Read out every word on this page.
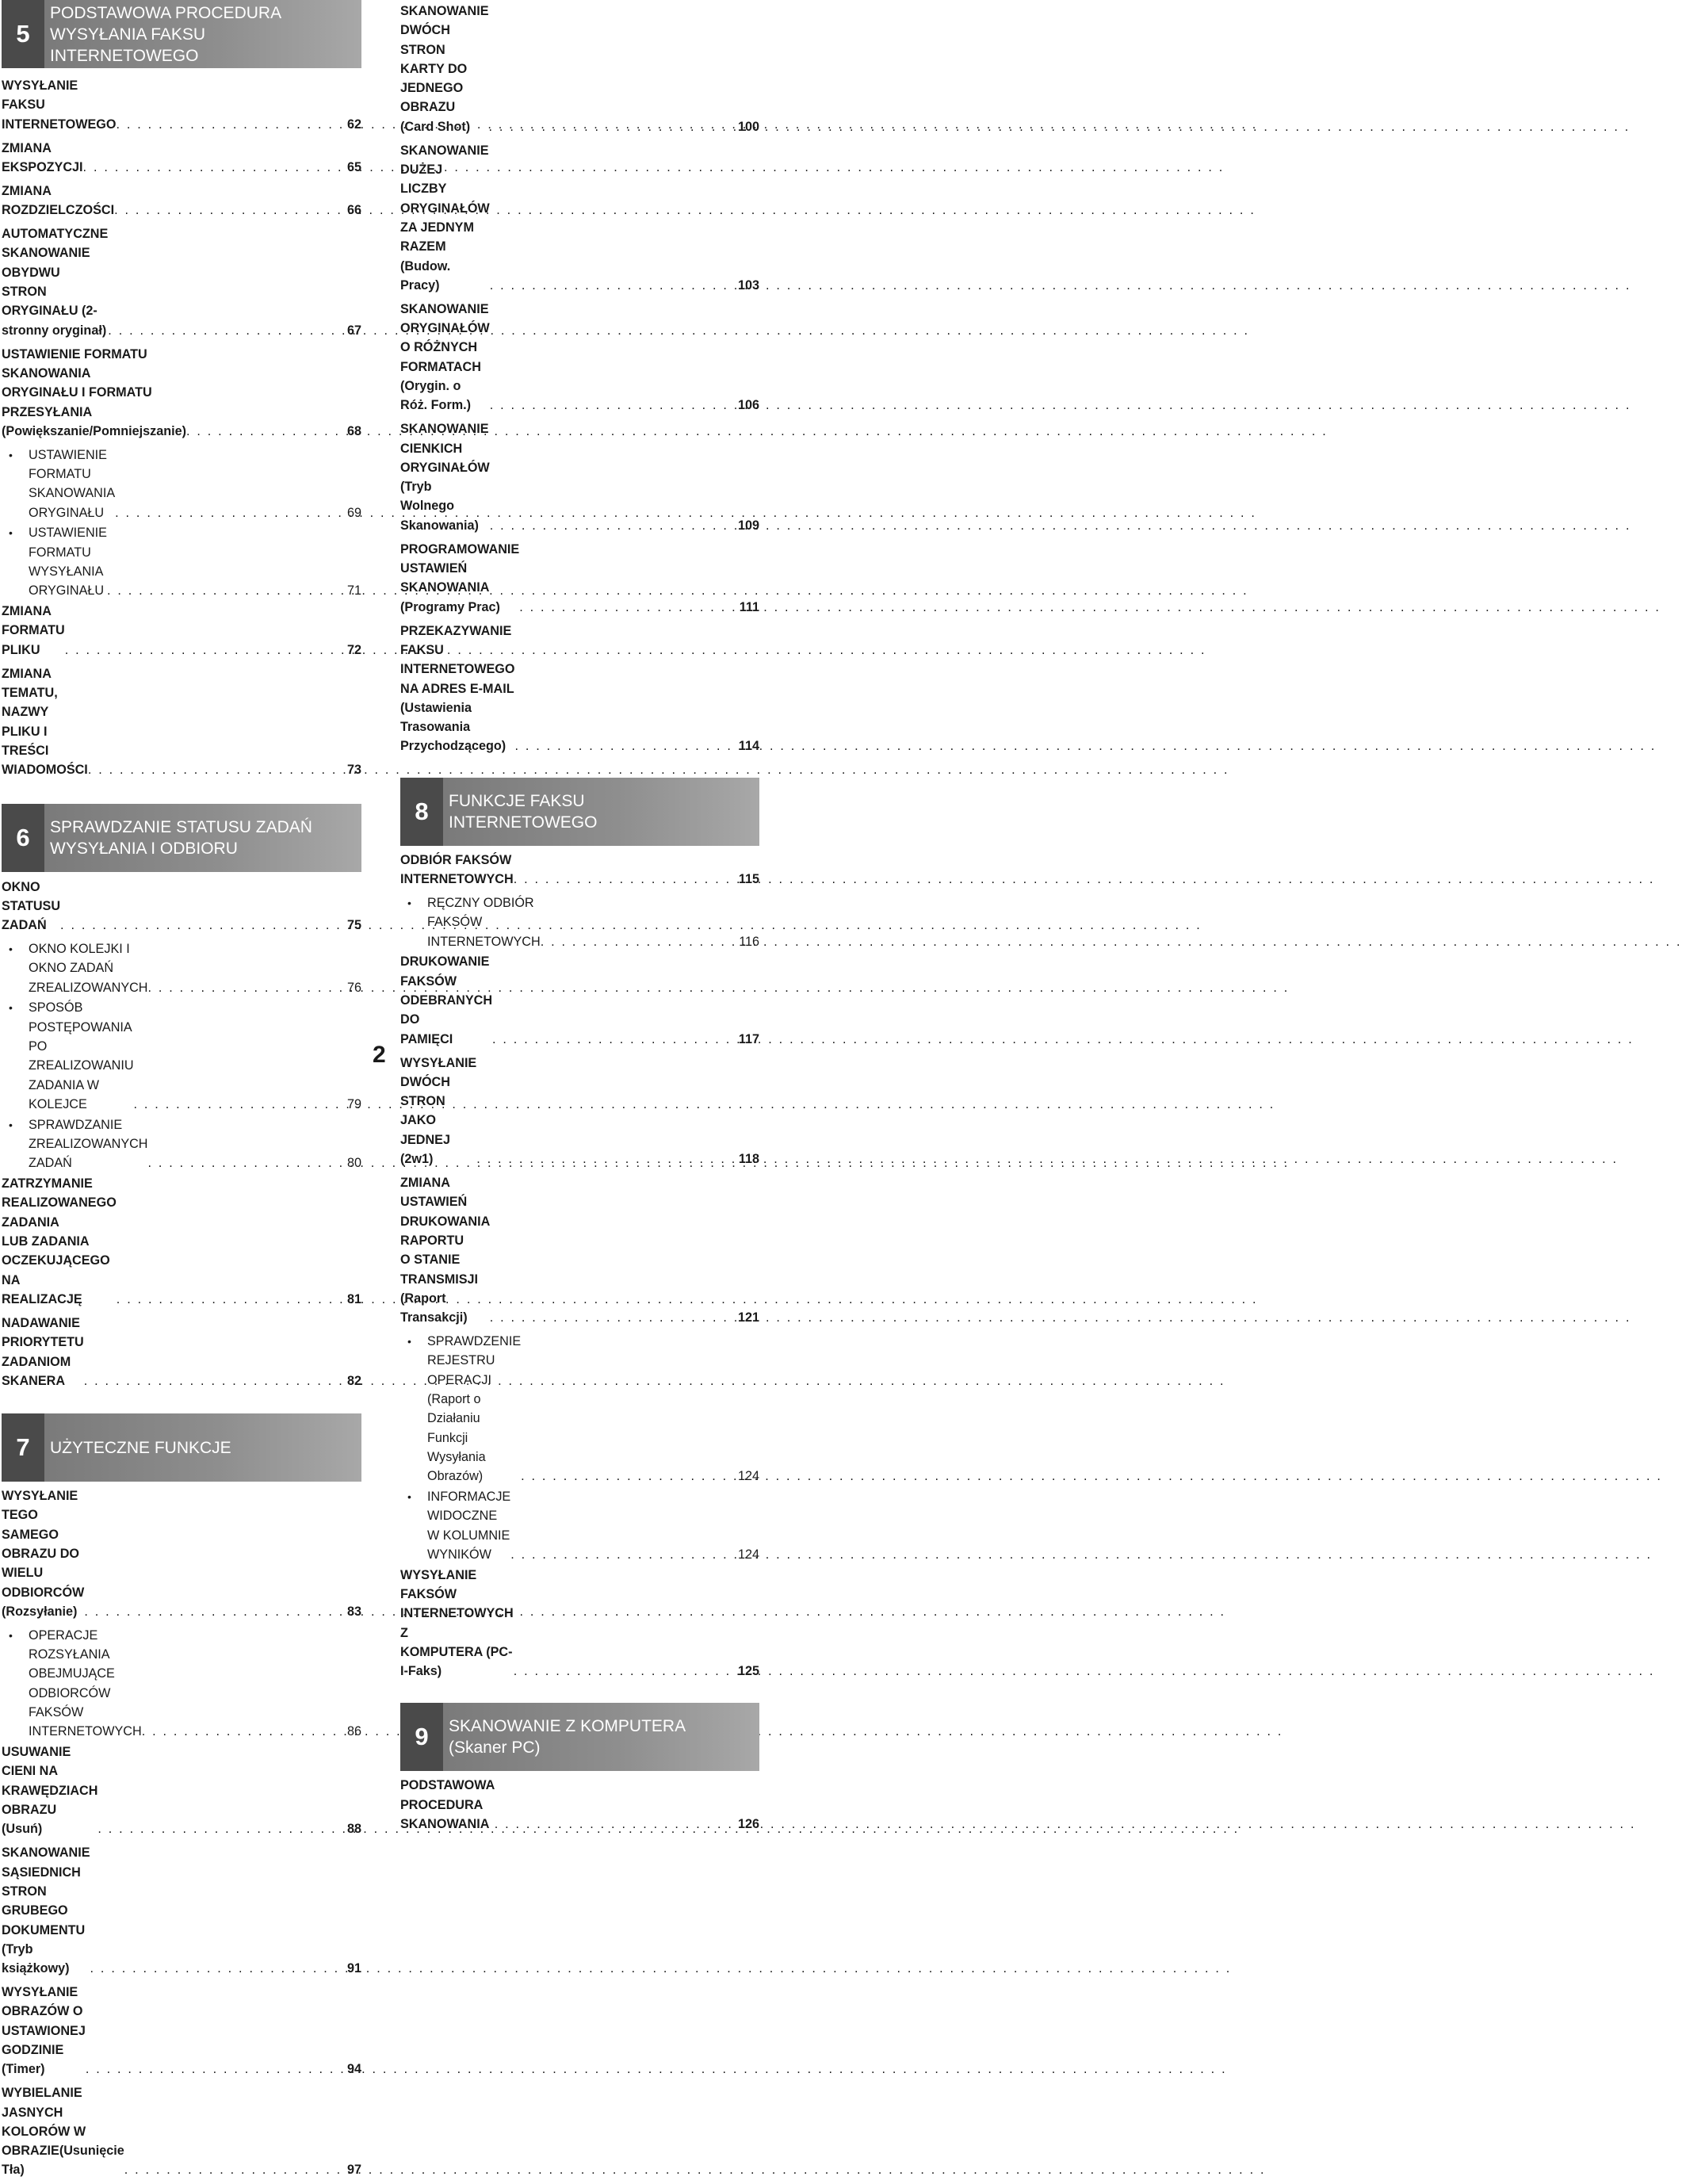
5
PODSTAWOWA PROCEDURA
WYSYŁANIA FAKSU
INTERNETOWEGO
WYSYŁANIE FAKSU INTERNETOWEGO . . .	62
ZMIANA EKSPOZYCJI . . .	65
ZMIANA ROZDZIELCZOŚCI . . .	66
AUTOMATYCZNE SKANOWANIE OBYDWU
STRON ORYGINAŁU (2-stronny oryginał) . . .	67
USTAWIENIE FORMATU SKANOWANIA
ORYGINAŁU I FORMATU PRZESYŁANIA
(Powiększanie/Pomniejszanie) . . .	68
• USTAWIENIE FORMATU SKANOWANIA
ORYGINAŁU . . .	69
• USTAWIENIE FORMATU WYSYŁANIA
ORYGINAŁU . . .	71
ZMIANA FORMATU PLIKU . . .	72
ZMIANA TEMATU, NAZWY PLIKU I TREŚCI
WIADOMOŚCI . . .	73
6	SPRAWDZANIE STATUSU ZADAŃ
WYSYŁANIA I ODBIORU
OKNO STATUSU ZADAŃ . . .	75
• OKNO KOLEJKI I OKNO ZADAŃ
ZREALIZOWANYCH . . .	76
• SPOSÓB POSTĘPOWANIA PO
ZREALIZOWANIU ZADANIA W KOLEJCE . . .	79
• SPRAWDZANIE ZREALIZOWANYCH ZADAŃ . . .	80
ZATRZYMANIE REALIZOWANEGO ZADANIA
LUB ZADANIA OCZEKUJĄCEGO NA
REALIZACJĘ . . .	81
NADAWANIE PRIORYTETU ZADANIOM
SKANERA . . .	82
7	UŻYTECZNE FUNKCJE
WYSYŁANIE TEGO SAMEGO OBRAZU DO
WIELU ODBIORCÓW (Rozsyłanie) . . .	83
• OPERACJE ROZSYŁANIA OBEJMUJĄCE
ODBIORCÓW FAKSÓW INTERNETOWYCH . . .	86
USUWANIE CIENI NA KRAWĘDZIACH OBRAZU
(Usuń) . . .	88
SKANOWANIE SĄSIEDNICH STRON GRUBEGO
DOKUMENTU (Tryb książkowy) . . .	91
WYSYŁANIE OBRAZÓW O USTAWIONEJ
GODZINIE (Timer) . . .	94
WYBIELANIE JASNYCH KOLORÓW W
OBRAZIE(Usunięcie Tła) . . .	97
SKANOWANIE DWÓCH STRON KARTY DO
JEDNEGO OBRAZU (Card Shot) . . .	100
SKANOWANIE DUŻEJ LICZBY ORYGINAŁÓW
ZA JEDNYM RAZEM (Budow. Pracy) . . .	103
SKANOWANIE ORYGINAŁÓW O RÓŻNYCH
FORMATACH (Orygin. o Róż. Form.) . . .	106
SKANOWANIE CIENKICH ORYGINAŁÓW (Tryb
Wolnego Skanowania) . . .	109
PROGRAMOWANIE USTAWIEŃ SKANOWANIA
(Programy Prac) . . .	111
PRZEKAZYWANIE FAKSU INTERNETOWEGO
NA ADRES E-MAIL (Ustawienia Trasowania
Przychodzącego) . . .	114
8	FUNKCJE FAKSU
INTERNETOWEGO
ODBIÓR FAKSÓW INTERNETOWYCH . . .	115
• RĘCZNY ODBIÓR FAKSÓW
INTERNETOWYCH . . .	116
DRUKOWANIE FAKSÓW ODEBRANYCH DO
PAMIĘCI . . .	117
WYSYŁANIE DWÓCH STRON JAKO JEDNEJ
(2w1) . . .	118
ZMIANA USTAWIEŃ DRUKOWANIA RAPORTU
O STANIE TRANSMISJI (Raport Transakcji) . . .	121
• SPRAWDZENIE REJESTRU OPERACJI
(Raport o Działaniu Funkcji Wysyłania
Obrazów) . . .	124
• INFORMACJE WIDOCZNE W KOLUMNIE
WYNIKÓW . . .	124
WYSYŁANIE FAKSÓW INTERNETOWYCH Z
KOMPUTERA (PC-I-Faks) . . .	125
9	SKANOWANIE Z KOMPUTERA
(Skaner PC)
PODSTAWOWA PROCEDURA SKANOWANIA . . .	126
2
